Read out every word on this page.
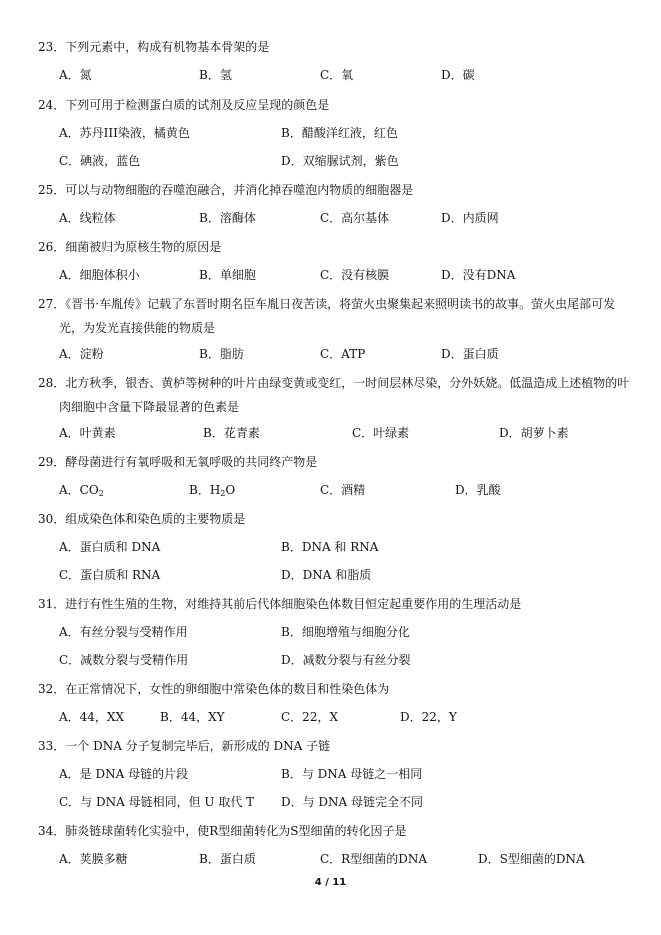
23．下列元素中，构成有机物基本骨架的是
A．氮	B．氢	C．氧	D．碳
24．下列可用于检测蛋白质的试剂及反应呈现的颜色是
A．苏丹III染液，橘黄色	B．醋酸洋红液，红色
C．碘液，蓝色	D．双缩脲试剂，紫色
25．可以与动物细胞的吞噬泡融合，并消化掉吞噬泡内物质的细胞器是
A．线粒体	B．溶酶体	C．高尔基体	D．内质网
26．细菌被归为原核生物的原因是
A．细胞体积小	B．单细胞	C．没有核膜	D．没有DNA
27．《晋书·车胤传》记载了东晋时期名臣车胤日夜苦读，将萤火虫聚集起来照明读书的故事。萤火虫尾部可发
光，为发光直接供能的物质是
A．淀粉	B．脂肪	C．ATP	D．蛋白质
28．北方秋季，银杏、黄栌等树种的叶片由绿变黄或变红，一时间层林尽染，分外妖娆。低温造成上述植物的叶
肉细胞中含量下降最显著的色素是
A．叶黄素	B．花青素	C．叶绿素	D．胡萝卜素
29．酵母菌进行有氧呼吸和无氧呼吸的共同终产物是
A．$CO_2$	B．$H_2O$	C．酒精	D．乳酸
30．组成染色体和染色质的主要物质是
A．蛋白质和 DNA	B．DNA 和 RNA
C．蛋白质和 RNA	D．DNA 和脂质
31．进行有性生殖的生物，对维持其前后代体细胞染色体数目恒定起重要作用的生理活动是
A．有丝分裂与受精作用	B．细胞增殖与细胞分化
C．减数分裂与受精作用	D．减数分裂与有丝分裂
32．在正常情况下，女性的卵细胞中常染色体的数目和性染色体为
A．44，XX	B．44，XY	C．22，X	D．22，Y
33．一个 DNA 分子复制完毕后，新形成的 DNA 子链
A．是 DNA 母链的片段	B．与 DNA 母链之一相同
C．与 DNA 母链相同，但 U 取代 T D．与 DNA 母链完全不同
34．肺炎链球菌转化实验中，使R型细菌转化为S型细菌的转化因子是
A．荚膜多糖	B．蛋白质	C．R型细菌的DNA	D．S型细菌的DNA
4 / 11
